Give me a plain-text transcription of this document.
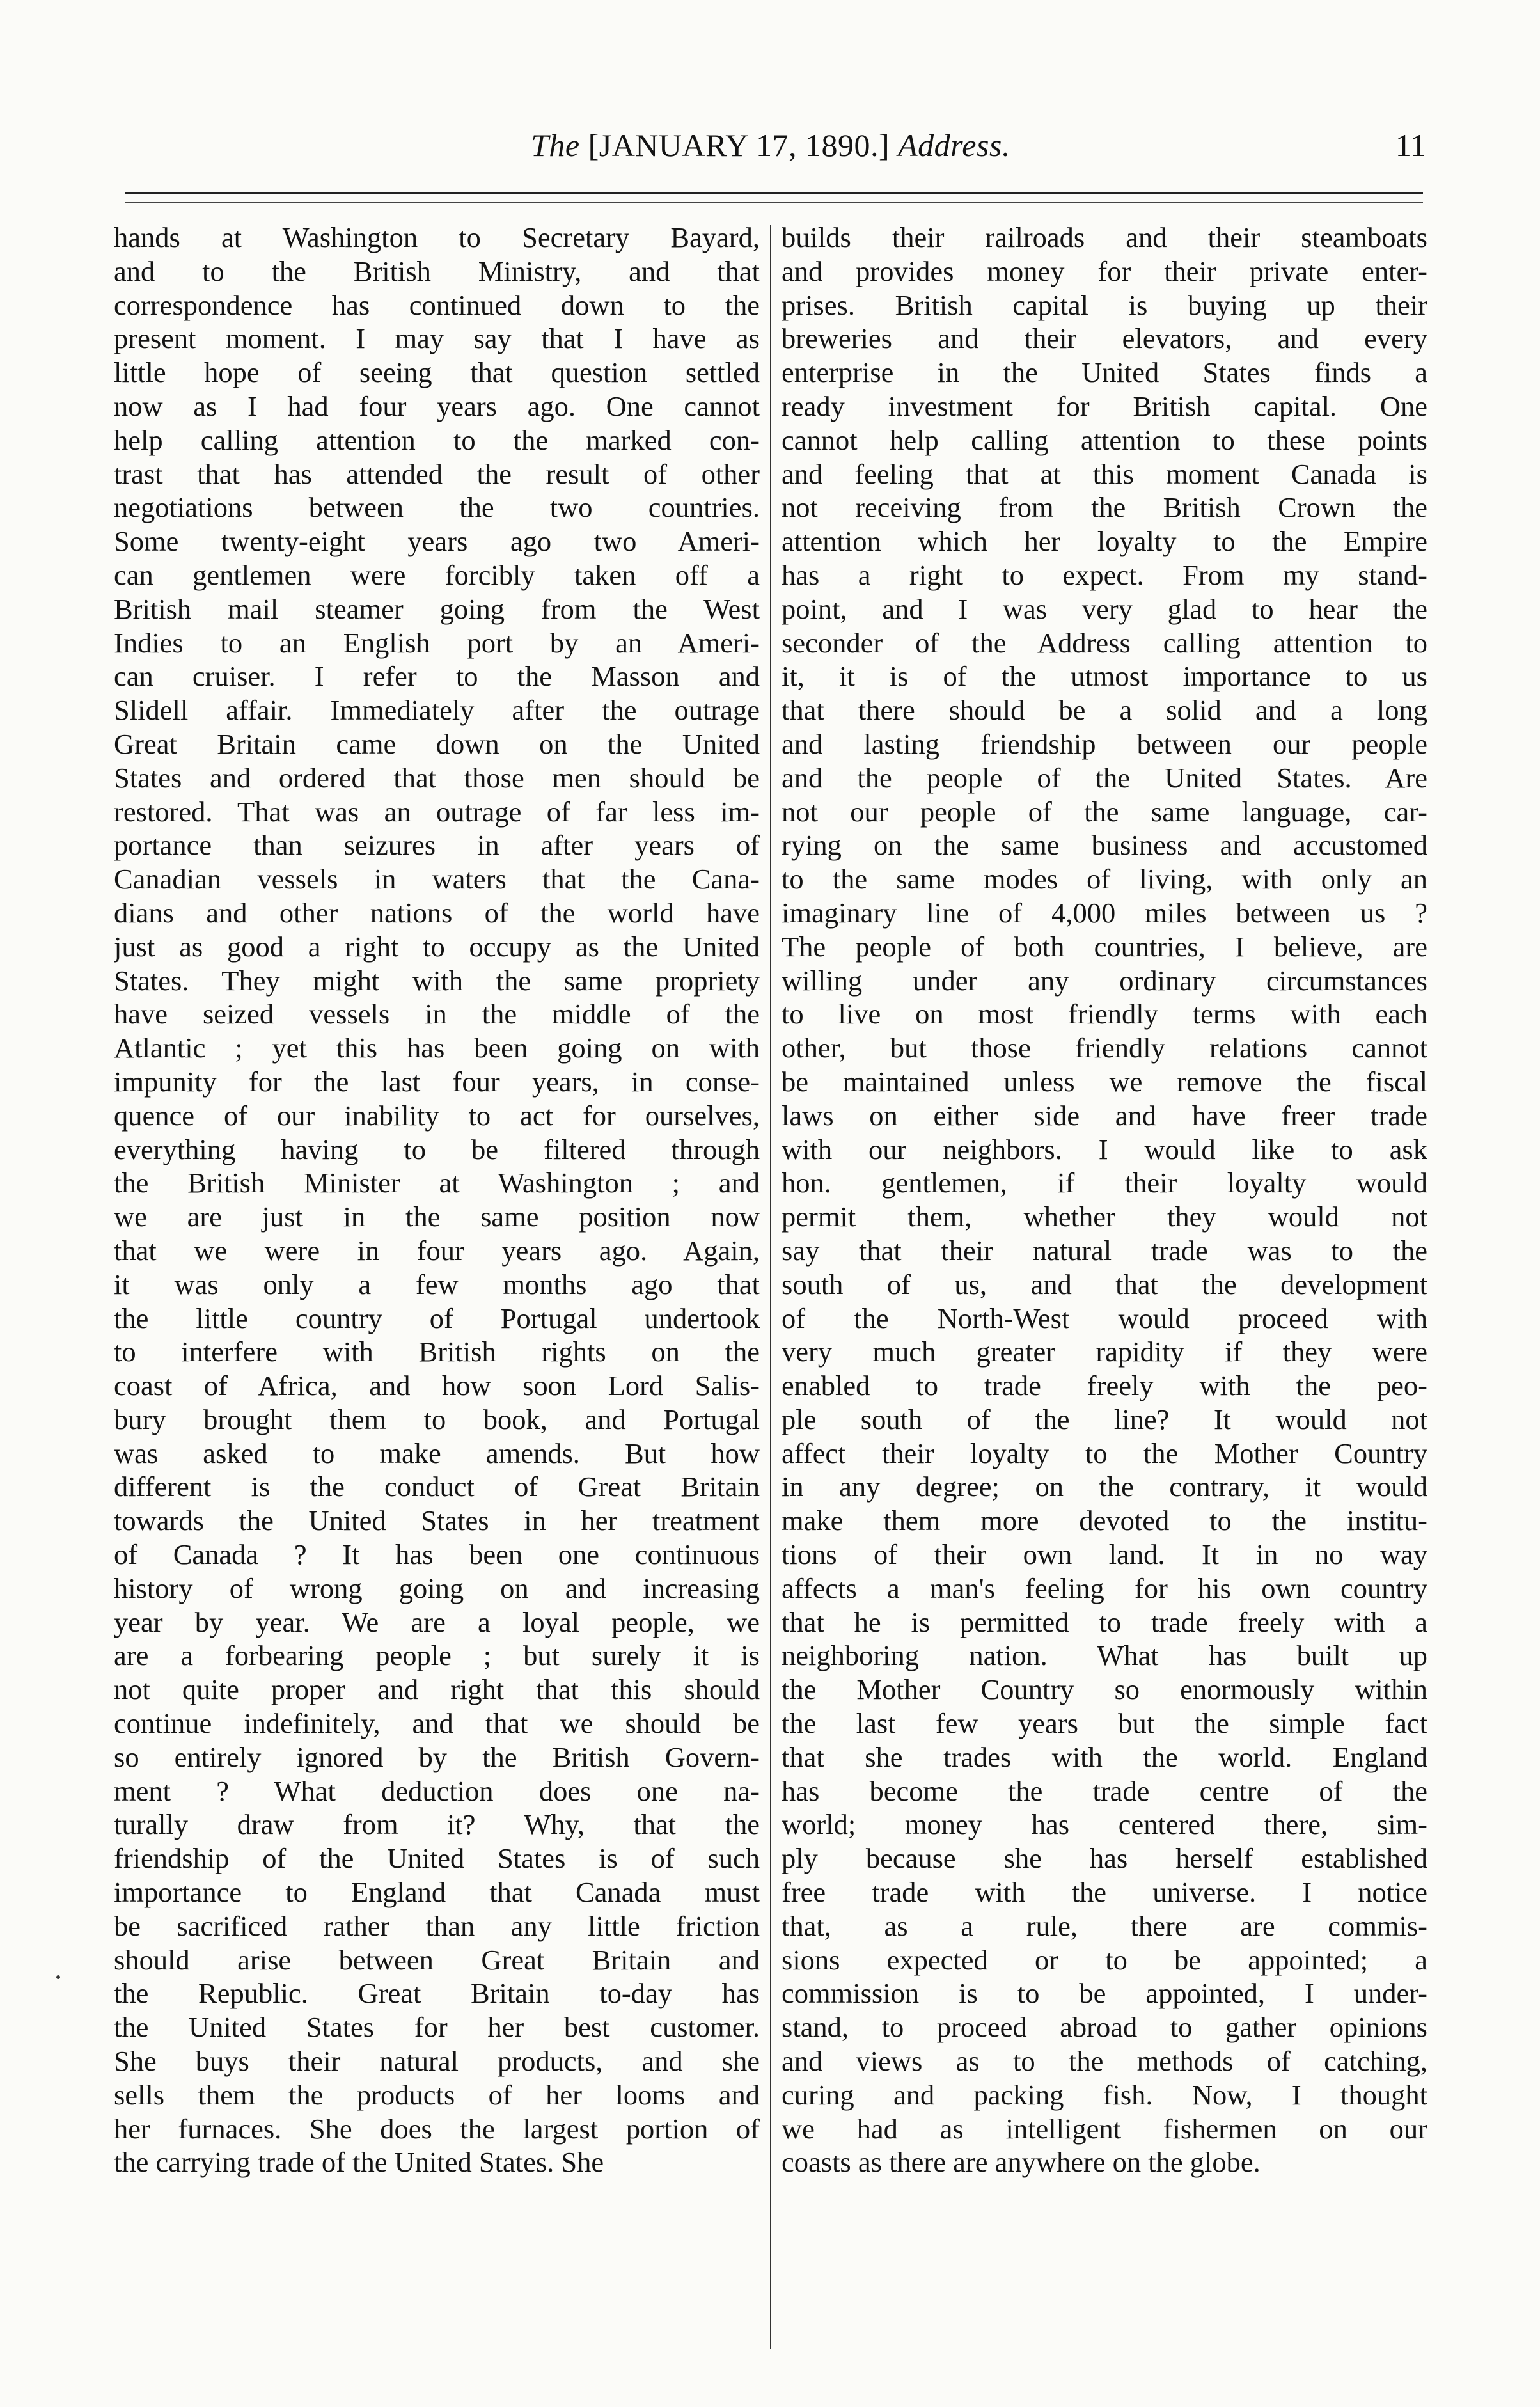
The [JANUARY 17, 1890.] Address.	11
hands at Washington to Secretary Bayard,
and to the British Ministry, and that
correspondence has continued down to the
present moment. I may say that I have as
little hope of seeing that question settled
now as I had four years ago. One cannot
help calling attention to the marked con-
trast that has attended the result of other
negotiations between the two countries.
Some twenty-eight years ago two Ameri-
can gentlemen were forcibly taken off a
British mail steamer going from the West
Indies to an English port by an Ameri-
can cruiser. I refer to the Masson and
Slidell affair. Immediately after the outrage
Great Britain came down on the United
States and ordered that those men should be
restored. That was an outrage of far less im-
portance than seizures in after years of
Canadian vessels in waters that the Cana-
dians and other nations of the world have
just as good a right to occupy as the United
States. They might with the same propriety
have seized vessels in the middle of the
Atlantic ; yet this has been going on with
impunity for the last four years, in conse-
quence of our inability to act for ourselves,
everything having to be filtered through
the British Minister at Washington ; and
we are just in the same position now
that we were in four years ago. Again,
it was only a few months ago that
the little country of Portugal undertook
to interfere with British rights on the
coast of Africa, and how soon Lord Salis-
bury brought them to book, and Portugal
was asked to make amends. But how
different is the conduct of Great Britain
towards the United States in her treatment
of Canada ? It has been one continuous
history of wrong going on and increasing
year by year. We are a loyal people, we
are a forbearing people ; but surely it is
not quite proper and right that this should
continue indefinitely, and that we should be
so entirely ignored by the British Govern-
ment ? What deduction does one na-
turally draw from it? Why, that the
friendship of the United States is of such
importance to England that Canada must
be sacrificed rather than any little friction
should arise between Great Britain and
the Republic. Great Britain to-day has
the United States for her best customer.
She buys their natural products, and she
sells them the products of her looms and
her furnaces. She does the largest portion of
the carrying trade of the United States. She
builds their railroads and their steamboats
and provides money for their private enter-
prises. British capital is buying up their
breweries and their elevators, and every
enterprise in the United States finds a
ready investment for British capital. One
cannot help calling attention to these points
and feeling that at this moment Canada is
not receiving from the British Crown the
attention which her loyalty to the Empire
has a right to expect. From my stand-
point, and I was very glad to hear the
seconder of the Address calling attention to
it, it is of the utmost importance to us
that there should be a solid and a long
and lasting friendship between our people
and the people of the United States. Are
not our people of the same language, car-
rying on the same business and accustomed
to the same modes of living, with only an
imaginary line of 4,000 miles between us ?
The people of both countries, I believe, are
willing under any ordinary circumstances
to live on most friendly terms with each
other, but those friendly relations cannot
be maintained unless we remove the fiscal
laws on either side and have freer trade
with our neighbors. I would like to ask
hon. gentlemen, if their loyalty would
permit them, whether they would not
say that their natural trade was to the
south of us, and that the development
of the North-West would proceed with
very much greater rapidity if they were
enabled to trade freely with the peo-
ple south of the line? It would not
affect their loyalty to the Mother Country
in any degree; on the contrary, it would
make them more devoted to the institu-
tions of their own land. It in no way
affects a man's feeling for his own country
that he is permitted to trade freely with a
neighboring nation. What has built up
the Mother Country so enormously within
the last few years but the simple fact
that she trades with the world. England
has become the trade centre of the
world; money has centered there, sim-
ply because she has herself established
free trade with the universe. I notice
that, as a rule, there are commis-
sions expected or to be appointed; a
commission is to be appointed, I under-
stand, to proceed abroad to gather opinions
and views as to the methods of catching,
curing and packing fish. Now, I thought
we had as intelligent fishermen on our
coasts as there are anywhere on the globe.
